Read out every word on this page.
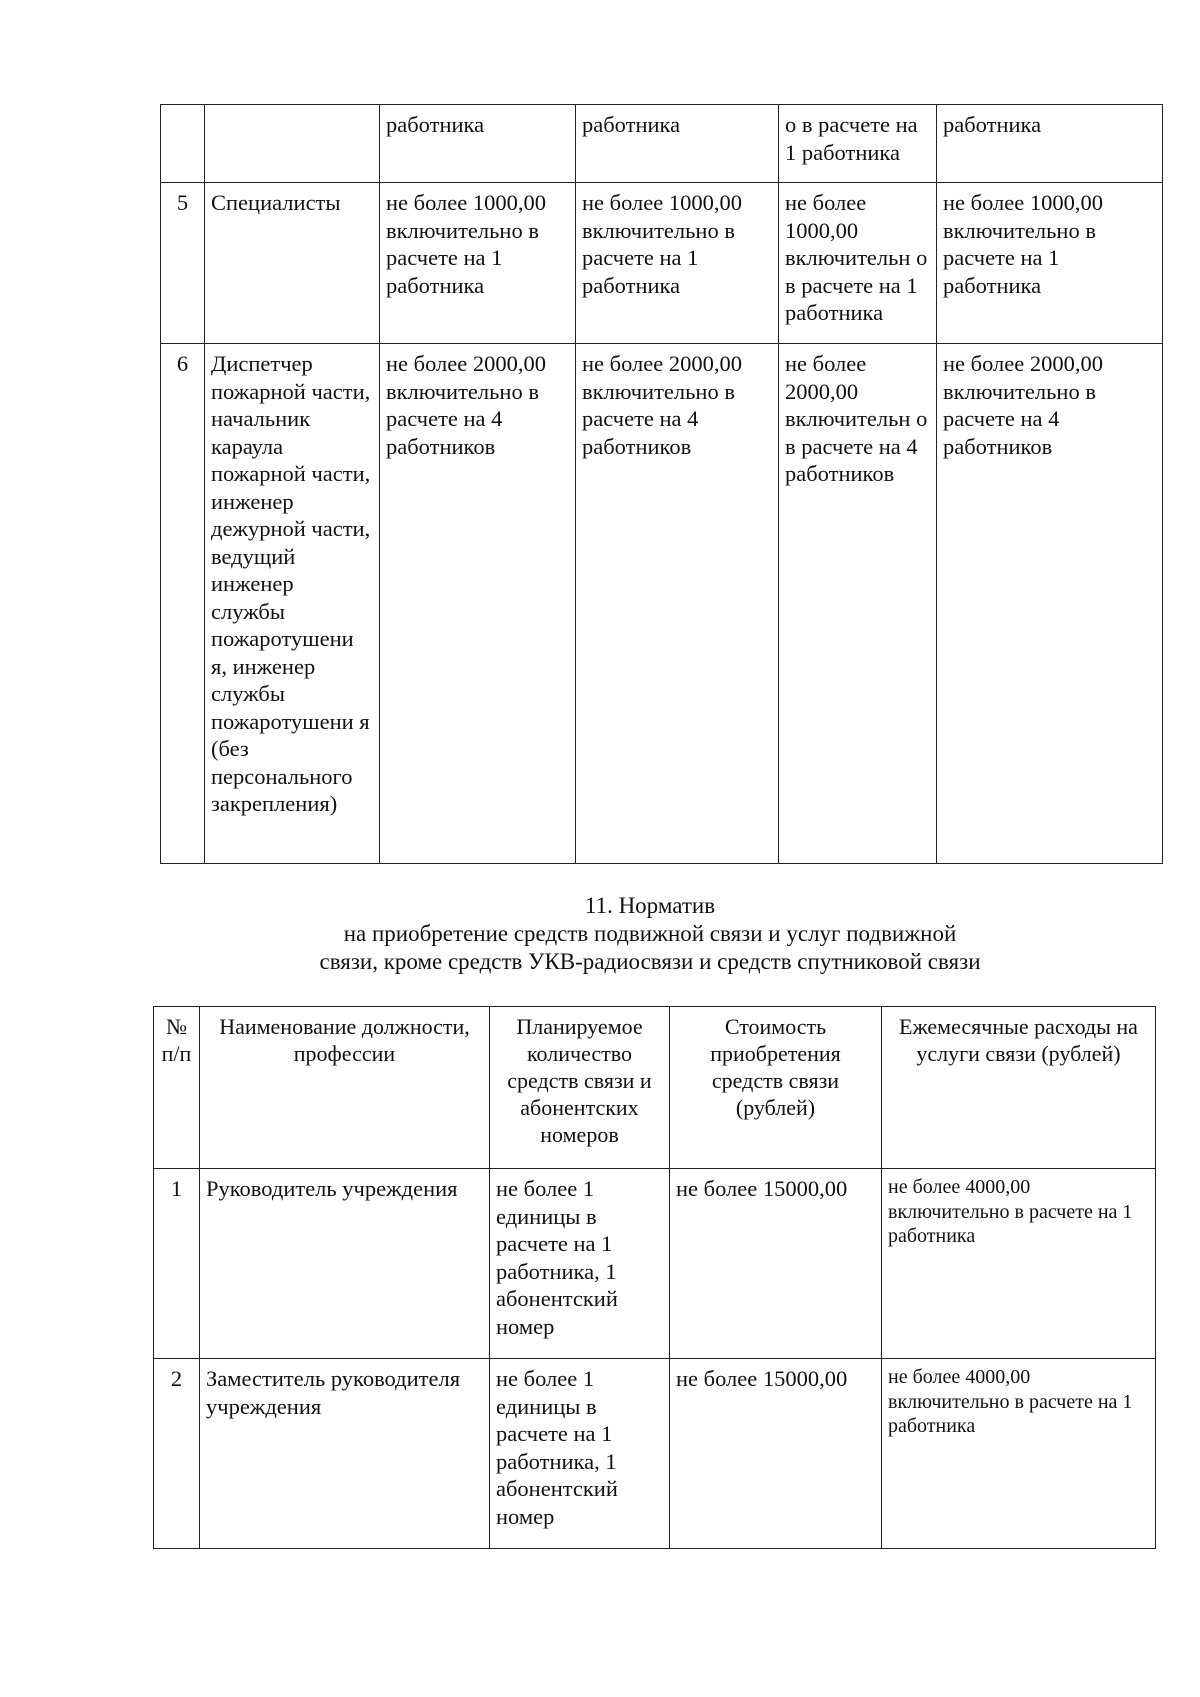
		работника	работника	о в расчете на 1 работника	работника
5	Специалисты	не более 1000,00 включительно в расчете на 1 работника	не более 1000,00 включительно в расчете на 1 работника	не более 1000,00 включительн о в расчете на 1 работника	не более 1000,00 включительно в расчете на 1 работника
6	Диспетчер пожарной части, начальник караула пожарной части, инженер дежурной части, ведущий инженер службы пожаротушени я, инженер службы пожаротушени я (без персонального закрепления)	не более 2000,00 включительно в расчете на 4 работников	не более 2000,00 включительно в расчете на 4 работников	не более 2000,00 включительн о в расчете на 4 работников	не более 2000,00 включительно в расчете на 4 работников
11. Норматив
на приобретение средств подвижной связи и услуг подвижной
связи, кроме средств УКВ-радиосвязи и средств спутниковой связи
№ п/п	Наименование должности, профессии	Планируемое количество средств связи и абонентских номеров	Стоимость приобретения средств связи (рублей)	Ежемесячные расходы на услуги связи (рублей)
1	Руководитель учреждения	не более 1 единицы в расчете на 1 работника, 1 абонентский номер	не более 15000,00	не более 4000,00 включительно в расчете на 1 работника
2	Заместитель руководителя учреждения	не более 1 единицы в расчете на 1 работника, 1 абонентский номер	не более 15000,00	не более 4000,00 включительно в расчете на 1 работника
